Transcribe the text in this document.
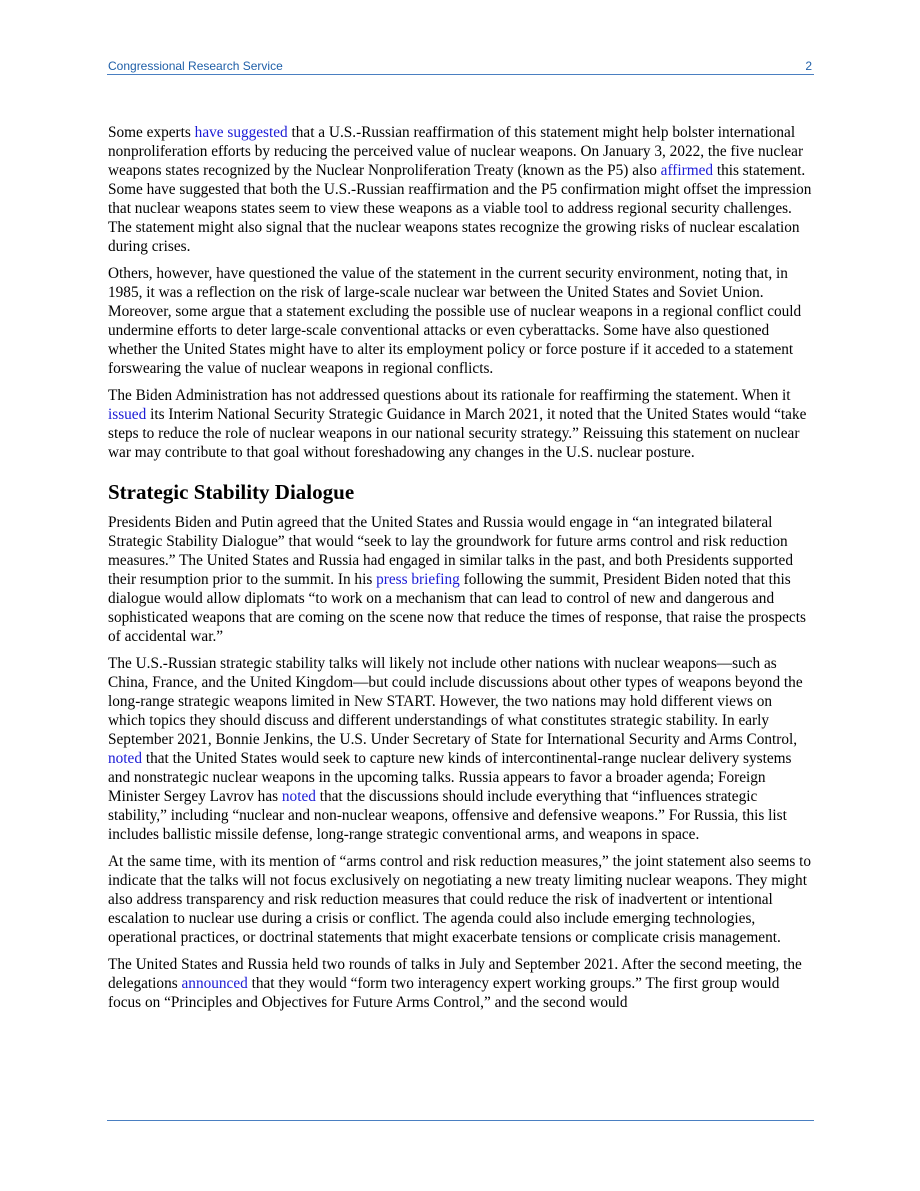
Congressional Research Service	2

Some experts have suggested that a U.S.-Russian reaffirmation of this statement might help bolster international nonproliferation efforts by reducing the perceived value of nuclear weapons. On January 3, 2022, the five nuclear weapons states recognized by the Nuclear Nonproliferation Treaty (known as the P5) also affirmed this statement. Some have suggested that both the U.S.-Russian reaffirmation and the P5 confirmation might offset the impression that nuclear weapons states seem to view these weapons as a viable tool to address regional security challenges. The statement might also signal that the nuclear weapons states recognize the growing risks of nuclear escalation during crises.

Others, however, have questioned the value of the statement in the current security environment, noting that, in 1985, it was a reflection on the risk of large-scale nuclear war between the United States and Soviet Union. Moreover, some argue that a statement excluding the possible use of nuclear weapons in a regional conflict could undermine efforts to deter large-scale conventional attacks or even cyberattacks. Some have also questioned whether the United States might have to alter its employment policy or force posture if it acceded to a statement forswearing the value of nuclear weapons in regional conflicts.

The Biden Administration has not addressed questions about its rationale for reaffirming the statement. When it issued its Interim National Security Strategic Guidance in March 2021, it noted that the United States would “take steps to reduce the role of nuclear weapons in our national security strategy.” Reissuing this statement on nuclear war may contribute to that goal without foreshadowing any changes in the U.S. nuclear posture.

Strategic Stability Dialogue

Presidents Biden and Putin agreed that the United States and Russia would engage in “an integrated bilateral Strategic Stability Dialogue” that would “seek to lay the groundwork for future arms control and risk reduction measures.” The United States and Russia had engaged in similar talks in the past, and both Presidents supported their resumption prior to the summit. In his press briefing following the summit, President Biden noted that this dialogue would allow diplomats “to work on a mechanism that can lead to control of new and dangerous and sophisticated weapons that are coming on the scene now that reduce the times of response, that raise the prospects of accidental war.”

The U.S.-Russian strategic stability talks will likely not include other nations with nuclear weapons—such as China, France, and the United Kingdom—but could include discussions about other types of weapons beyond the long-range strategic weapons limited in New START. However, the two nations may hold different views on which topics they should discuss and different understandings of what constitutes strategic stability. In early September 2021, Bonnie Jenkins, the U.S. Under Secretary of State for International Security and Arms Control, noted that the United States would seek to capture new kinds of intercontinental-range nuclear delivery systems and nonstrategic nuclear weapons in the upcoming talks. Russia appears to favor a broader agenda; Foreign Minister Sergey Lavrov has noted that the discussions should include everything that “influences strategic stability,” including “nuclear and non-nuclear weapons, offensive and defensive weapons.” For Russia, this list includes ballistic missile defense, long-range strategic conventional arms, and weapons in space.

At the same time, with its mention of “arms control and risk reduction measures,” the joint statement also seems to indicate that the talks will not focus exclusively on negotiating a new treaty limiting nuclear weapons. They might also address transparency and risk reduction measures that could reduce the risk of inadvertent or intentional escalation to nuclear use during a crisis or conflict. The agenda could also include emerging technologies, operational practices, or doctrinal statements that might exacerbate tensions or complicate crisis management.

The United States and Russia held two rounds of talks in July and September 2021. After the second meeting, the delegations announced that they would “form two interagency expert working groups.” The first group would focus on “Principles and Objectives for Future Arms Control,” and the second would
